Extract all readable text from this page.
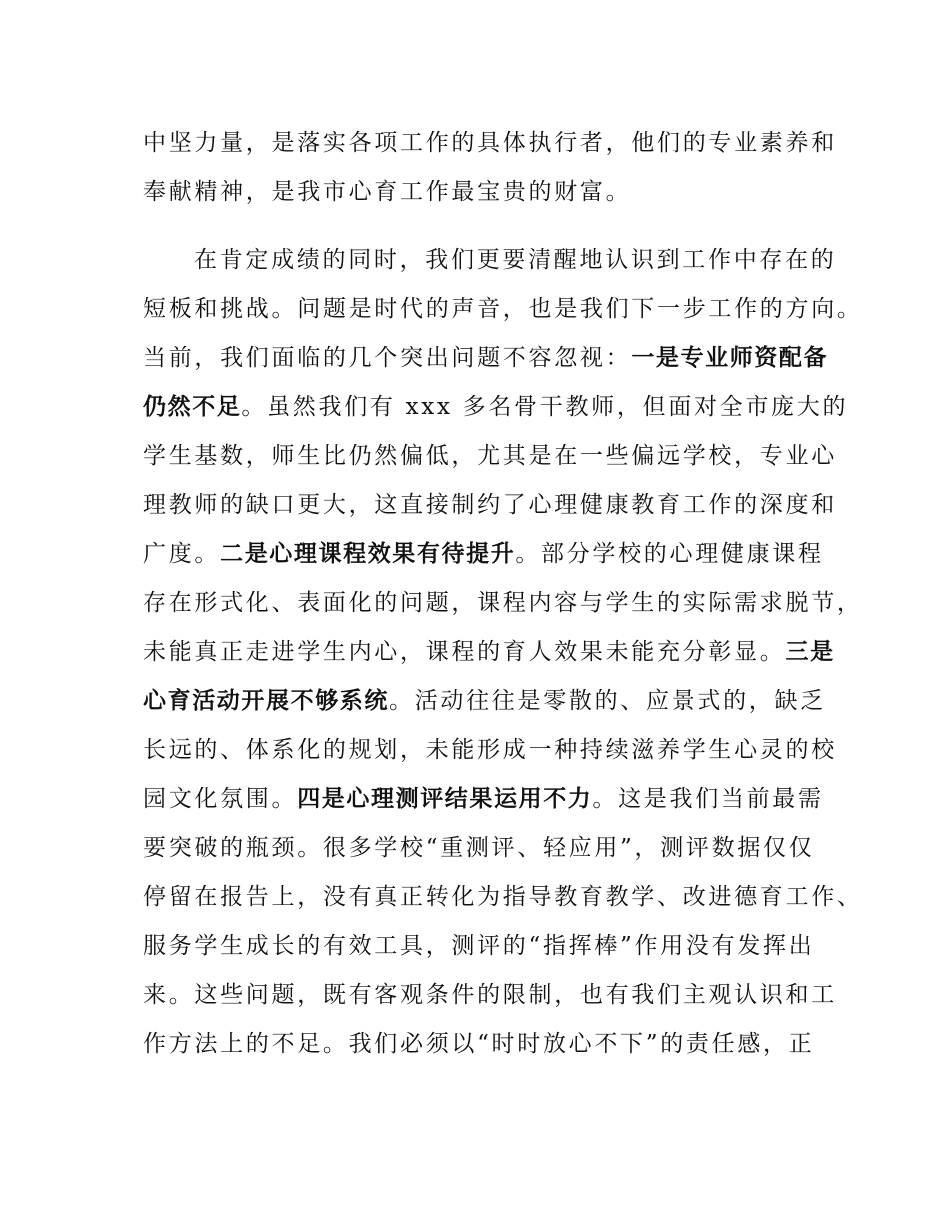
中坚力量，是落实各项工作的具体执行者，他们的专业素养和
奉献精神，是我市心育工作最宝贵的财富。
在肯定成绩的同时，我们更要清醒地认识到工作中存在的
短板和挑战。问题是时代的声音，也是我们下一步工作的方向。
当前，我们面临的几个突出问题不容忽视：一是专业师资配备
仍然不足。虽然我们有 xxx 多名骨干教师，但面对全市庞大的
学生基数，师生比仍然偏低，尤其是在一些偏远学校，专业心
理教师的缺口更大，这直接制约了心理健康教育工作的深度和
广度。二是心理课程效果有待提升。部分学校的心理健康课程
存在形式化、表面化的问题，课程内容与学生的实际需求脱节，
未能真正走进学生内心，课程的育人效果未能充分彰显。三是
心育活动开展不够系统。活动往往是零散的、应景式的，缺乏
长远的、体系化的规划，未能形成一种持续滋养学生心灵的校
园文化氛围。四是心理测评结果运用不力。这是我们当前最需
要突破的瓶颈。很多学校“重测评、轻应用”，测评数据仅仅
停留在报告上，没有真正转化为指导教育教学、改进德育工作、
服务学生成长的有效工具，测评的“指挥棒”作用没有发挥出
来。这些问题，既有客观条件的限制，也有我们主观认识和工
作方法上的不足。我们必须以“时时放心不下”的责任感，正
